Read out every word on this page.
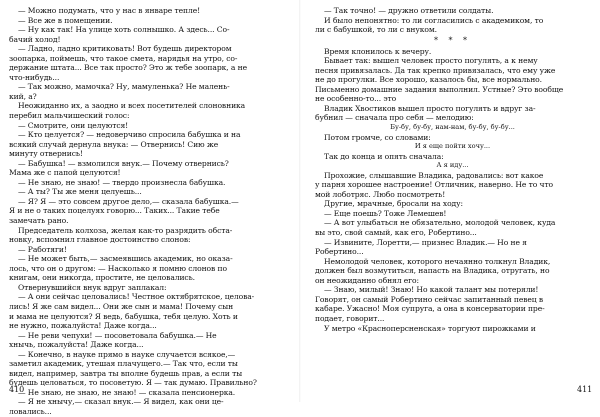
— Можно подумать, что у нас в январе тепле!
— Все же в помещении.
— Ну как так! На улице хоть солнышко. А здесь... Со-
бачий холод!
— Ладно, ладно критиковать! Вот будешь директором
зоопарка, поймешь, что такое смета, нарядья на утро, со-
держание штата... Все так просто? Это ж тебе зоопарк, а не
что-нибудь...
— Так можно, мамочка? Ну, мамуленька? Не малень-
кий, а?
Неожиданно их, а заодно и всех посетителей слоновника
перебил мальчишеский голос:
— Смотрите, они целуются!
— Кто целуется? — недоверчиво спросила бабушка и на
всякий случай дернула внука: — Отвернись! Сию же
минуту отвернись!
— Бабушка! — взмолился внук.— Почему отвернись?
Мама же с папой целуются!
— Не знаю, не знаю! — твердо произнесла бабушка.
— А ты? Ты же меня целуешь...
— Я? Я — это совсем другое дело,— сказала бабушка.—
Я и не о таких поцелуях говорю... Таких... Такие тебе
замечать рано.
Председатель колхоза, желая как-то разрядить обста-
новку, вспомнил главное достоинство слонов:
— Работяги!
— Не может быть,— засмеявшись академик, но оказа-
лось, что он о другом: — Насколько я помню слонов по
книгам, они никогда, простите, не целовались.
Отвернувшийся внук вдруг заплакал:
— А они сейчас целовались! Честное октябрятское, целова-
лись! Я же сам видел... Они же сын и мама! Почему сын
и мама не целуются? Я ведь, бабушка, тебя целую. Хоть и
не нужно, пожалуйста! Даже когда...
— Не реви чепухи! — посоветовала бабушка.— Не
хнычь, пожалуйста! Даже когда...
— Конечно, в науке прямо в науке случается всякое,—
заметил академик, утешая плачущего.— Так что, если ты
видел, например, завтра ты вполне будешь прав, а если ты
будешь целоваться, то посоветую. Я — так думаю. Правильно?
— Не знаю, не знаю, не знаю! — сказала пенсионерка.
— Я не хнычу,— сказал внук.— Я видел, как они це-
ловались...
— Так точно! — дружно ответили солдаты.
И было непонятно: то ли согласились с академиком, то
ли с бабушкой, то ли с внуком.
* * *
Время клонилось к вечеру.
Бывает так: вышел человек просто погулять, а к нему
песня привязалась. Да так крепко привязалась, что ему уже
не до прогулки. Все хорошо, казалось бы, все нормально.
Письменно домашние задания выполнил. Устные? Это вообще
не особенно-то... это
Владик Хвостиков вышел просто погулять и вдруг за-
бубнил — сначала про себя — мелодию:
Бу-бу, бу-бу, нам-нам, бу-бу, бу-бу...
Потом громче, со словами:
И я еще пойти хочу...
Так до конца и опять сначала:
А я иду...
Прохожие, слышавшие Владика, радовались: вот какое
у парня хорошее настроение! Отличник, наверно. Не то что
мой лоботряс. Любо посмотреть!
Другие, мрачные, бросали на ходу:
— Еще поешь? Тоже Лемешев!
— А вот улыбаться не обязательно, молодой человек, куда
вы это, свой самый, как его, Робертино...
— Извините, Лоретти,— признес Владик.— Но не я
Робертино...
Немолодой человек, которого нечаянно толкнул Владик,
должен был возмутиться, напасть на Владика, отругать, но
он неожиданно обнял его:
— Знаю, милый! Знаю! Но какой талант мы потеряли!
Говорят, он самый Робертино сейчас запитанный певец в
кабаре. Ужасно! Моя супруга, а она в консерватории пре-
подает, говорит...
У метро «Красноперсненская» торгуют пирожками и
410	411
